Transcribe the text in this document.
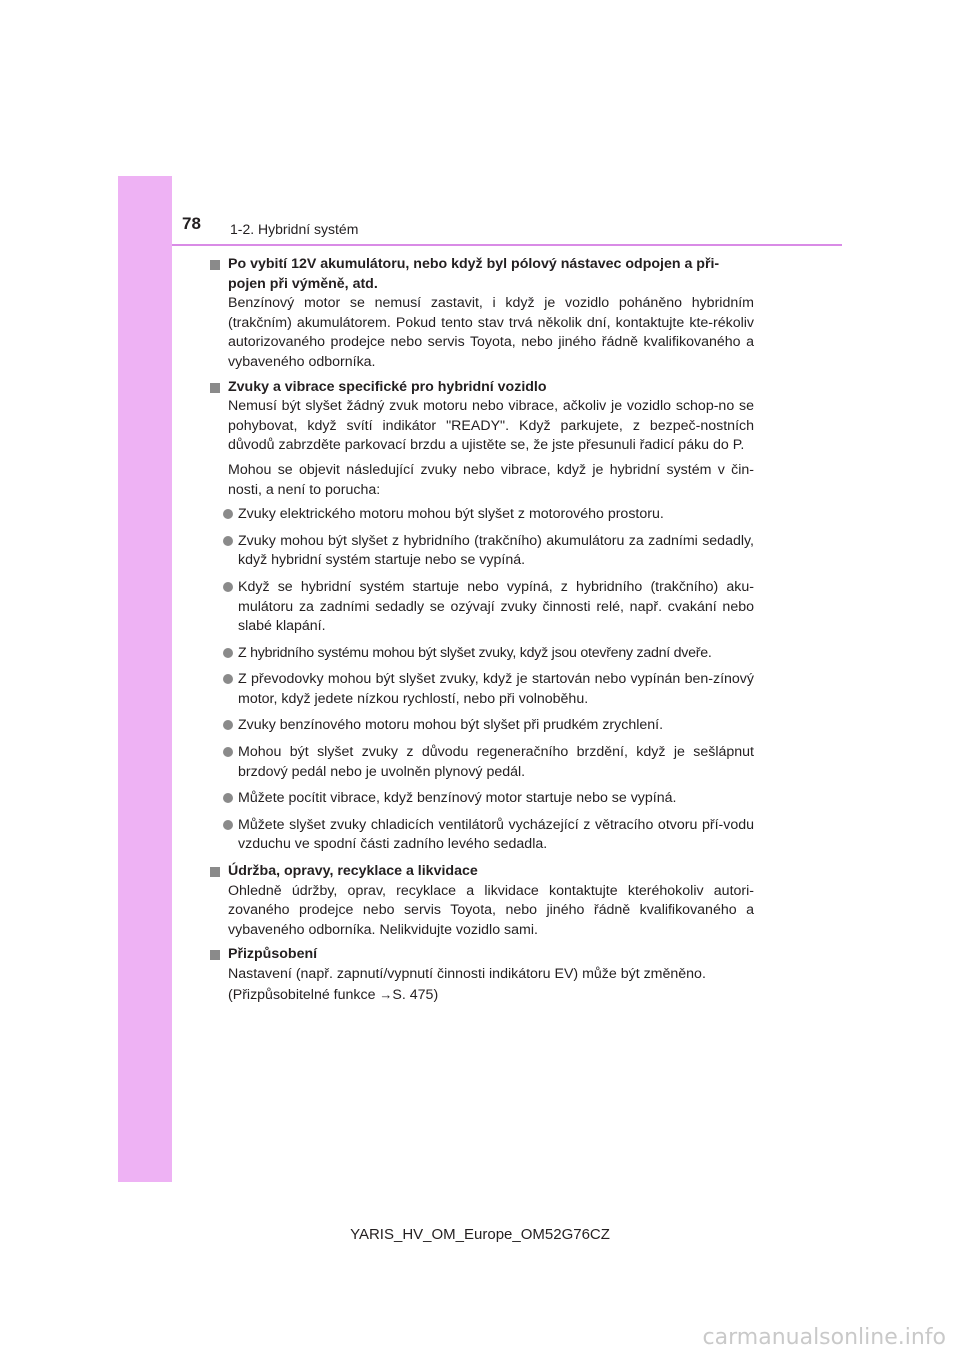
78 1-2. Hybridní systém
Po vybití 12V akumulátoru, nebo když byl pólový nástavec odpojen a při-pojen při výměně, atd.
Benzínový motor se nemusí zastavit, i když je vozidlo poháněno hybridním (trakčním) akumulátorem. Pokud tento stav trvá několik dní, kontaktujte kte-rékoliv autorizovaného prodejce nebo servis Toyota, nebo jiného řádně kvalifikovaného a vybaveného odborníka.
Zvuky a vibrace specifické pro hybridní vozidlo
Nemusí být slyšet žádný zvuk motoru nebo vibrace, ačkoliv je vozidlo schop-no se pohybovat, když svítí indikátor "READY". Když parkujete, z bezpeč-nostních důvodů zabrzděte parkovací brzdu a ujistěte se, že jste přesunuli řadicí páku do P.
Mohou se objevit následující zvuky nebo vibrace, když je hybridní systém v čin-nosti, a není to porucha:
Zvuky elektrického motoru mohou být slyšet z motorového prostoru.
Zvuky mohou být slyšet z hybridního (trakčního) akumulátoru za zadními sedadly, když hybridní systém startuje nebo se vypíná.
Když se hybridní systém startuje nebo vypíná, z hybridního (trakčního) aku-mulátoru za zadními sedadly se ozývají zvuky činnosti relé, např. cvakání nebo slabé klapání.
Z hybridního systému mohou být slyšet zvuky, když jsou otevřeny zadní dveře.
Z převodovky mohou být slyšet zvuky, když je startován nebo vypínán ben-zínový motor, když jedete nízkou rychlostí, nebo při volnoběhu.
Zvuky benzínového motoru mohou být slyšet při prudkém zrychlení.
Mohou být slyšet zvuky z důvodu regeneračního brzdění, když je sešlápnut brzdový pedál nebo je uvolněn plynový pedál.
Můžete pocítit vibrace, když benzínový motor startuje nebo se vypíná.
Můžete slyšet zvuky chladicích ventilátorů vycházející z větracího otvoru pří-vodu vzduchu ve spodní části zadního levého sedadla.
Údržba, opravy, recyklace a likvidace
Ohledně údržby, oprav, recyklace a likvidace kontaktujte kteréhokoliv autori-zovaného prodejce nebo servis Toyota, nebo jiného řádně kvalifikovaného a vybaveného odborníka. Nelikvidujte vozidlo sami.
Přizpůsobení
Nastavení (např. zapnutí/vypnutí činnosti indikátoru EV) může být změněno.
(Přizpůsobitelné funkce →S. 475)
YARIS_HV_OM_Europe_OM52G76CZ
carmanualsonline.info
